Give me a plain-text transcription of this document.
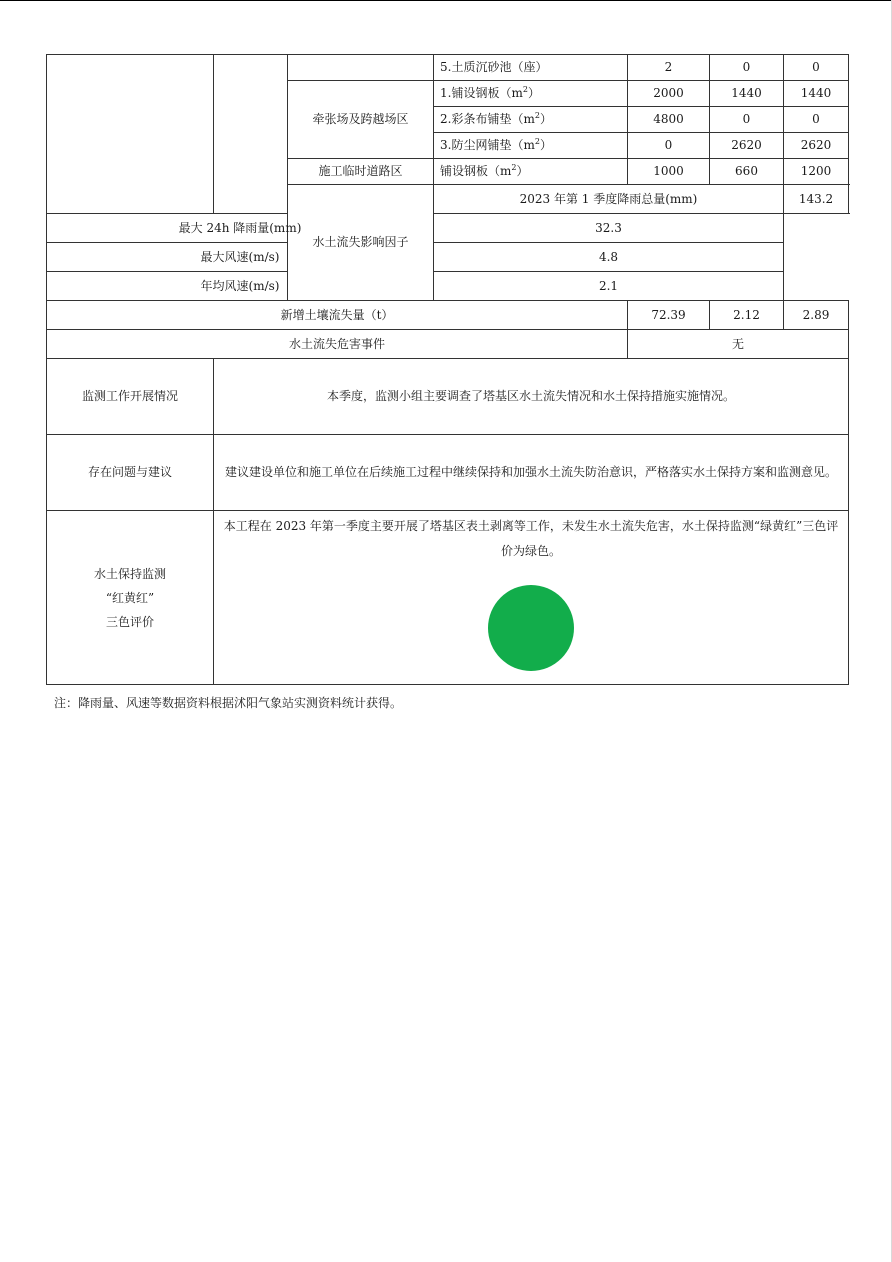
			5.土质沉砂池（座）	2	0	0
		牵张场及跨越场区	1.铺设钢板$(m^2)$	2000	1440	1440
			2.彩条布铺垫$(m^2)$	4800	0	0
			3.防尘网铺垫$(m^2)$	0	2620	2620
		施工临时道路区	铺设钢板$(m^2)$	1000	660	1200
		水土流失影响因子	2023 年第 1 季度降雨总量(mm)			143.2
最大 24h 降雨量(mm)			32.3			
最大风速(m/s)			4.8			
年均风速(m/s)			2.1			
新增土壤流失量（t）				72.39	2.12	2.89
水土流失危害事件				无		
监测工作开展情况	本季度，监测小组主要调查了塔基区水土流失情况和水土保持措施实施情况。					

存在问题与建议	建议建设单位和施工单位在后续施工过程中继续保持和加强水土流失防治意识，严格落实水土保持方案和监测意见。					

水土保持监测
“红黄红”
三色评价	本工程在 2023 年第一季度主要开展了塔基区表土剥离等工作，未发生水土流失危害，水土保持监测“绿黄红”三色评价为绿色。					
注：降雨量、风速等数据资料根据沭阳气象站实测资料统计获得。
